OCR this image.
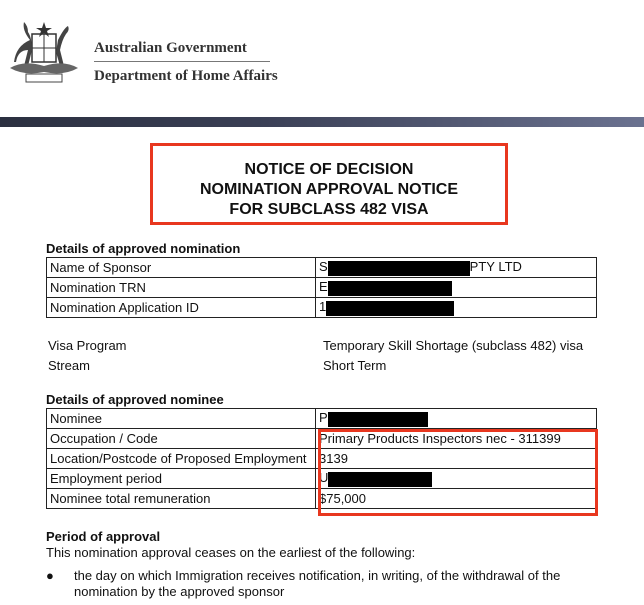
Australian Government
Department of Home Affairs
NOTICE OF DECISION
NOMINATION APPROVAL NOTICE
FOR SUBCLASS 482 VISA
Details of approved nomination
Name of Sponsor	S PTY LTD
Nomination TRN	E
Nomination Application ID	1
Visa Program	Temporary Skill Shortage (subclass 482) visa
Stream	Short Term
Details of approved nominee
Nominee	P
Occupation / Code	Primary Products Inspectors nec - 311399
Location/Postcode of Proposed Employment	3139
Employment period	U
Nominee total remuneration	$75,000
Period of approval
This nomination approval ceases on the earliest of the following:
● the day on which Immigration receives notification, in writing, of the withdrawal of the nomination by the approved sponsor
